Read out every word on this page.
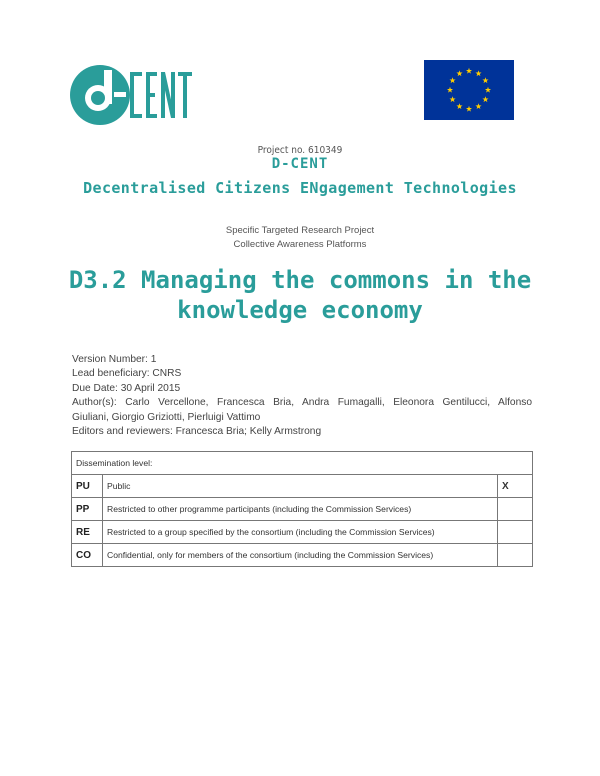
Project no. 610349
D-CENT
Decentralised Citizens ENgagement Technologies
Specific Targeted Research Project
Collective Awareness Platforms
D3.2 Managing the commons in the
knowledge economy
Version Number: 1
Lead beneficiary: CNRS
Due Date: 30 April 2015
Author(s): Carlo Vercellone, Francesca Bria, Andra Fumagalli, Eleonora Gentilucci, Alfonso
Giuliani, Giorgio Griziotti, Pierluigi Vattimo
Editors and reviewers: Francesca Bria; Kelly Armstrong
Dissemination level:		
PU	Public	X
PP	Restricted to other programme participants (including the Commission Services)	
RE	Restricted to a group specified by the consortium (including the Commission Services)	
CO	Confidential, only for members of the consortium (including the Commission Services)	
